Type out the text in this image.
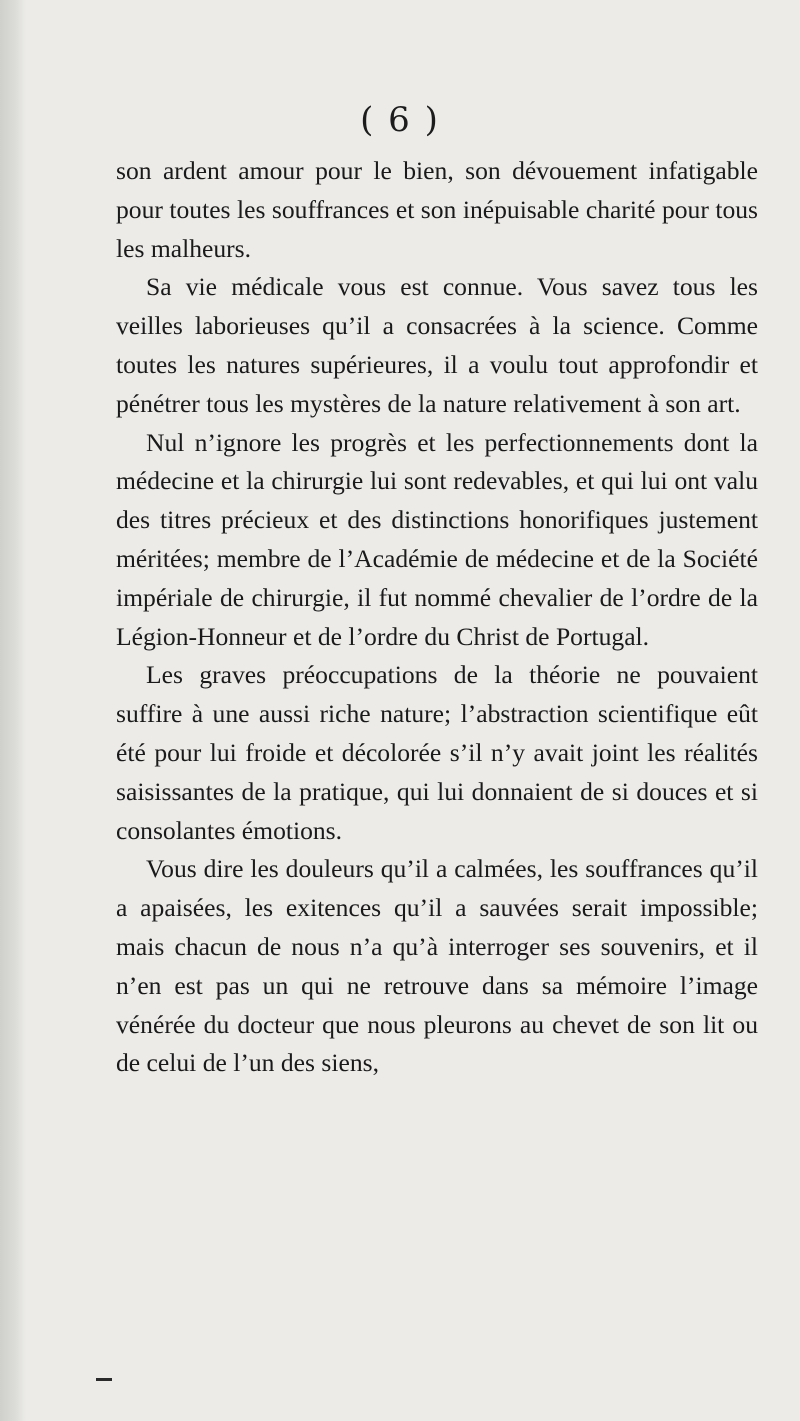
( 6 )

son ardent amour pour le bien, son dévouement infatigable pour toutes les souffrances et son inépuisable charité pour tous les malheurs.

Sa vie médicale vous est connue. Vous savez tous les veilles laborieuses qu’il a consacrées à la science. Comme toutes les natures supérieures, il a voulu tout approfondir et pénétrer tous les mystères de la nature relativement à son art.

Nul n’ignore les progrès et les perfectionnements dont la médecine et la chirurgie lui sont redevables, et qui lui ont valu des titres précieux et des distinctions honorifiques justement méritées; membre de l’Académie de médecine et de la Société impériale de chirurgie, il fut nommé chevalier de l’ordre de la Légion-Honneur et de l’ordre du Christ de Portugal.

Les graves préoccupations de la théorie ne pouvaient suffire à une aussi riche nature; l’abstraction scientifique eût été pour lui froide et décolorée s’il n’y avait joint les réalités saisissantes de la pratique, qui lui donnaient de si douces et si consolantes émotions.

Vous dire les douleurs qu’il a calmées, les souffrances qu’il a apaisées, les exitences qu’il a sauvées serait impossible; mais chacun de nous n’a qu’à interroger ses souvenirs, et il n’en est pas un qui ne retrouve dans sa mémoire l’image vénérée du docteur que nous pleurons au chevet de son lit ou de celui de l’un des siens,
